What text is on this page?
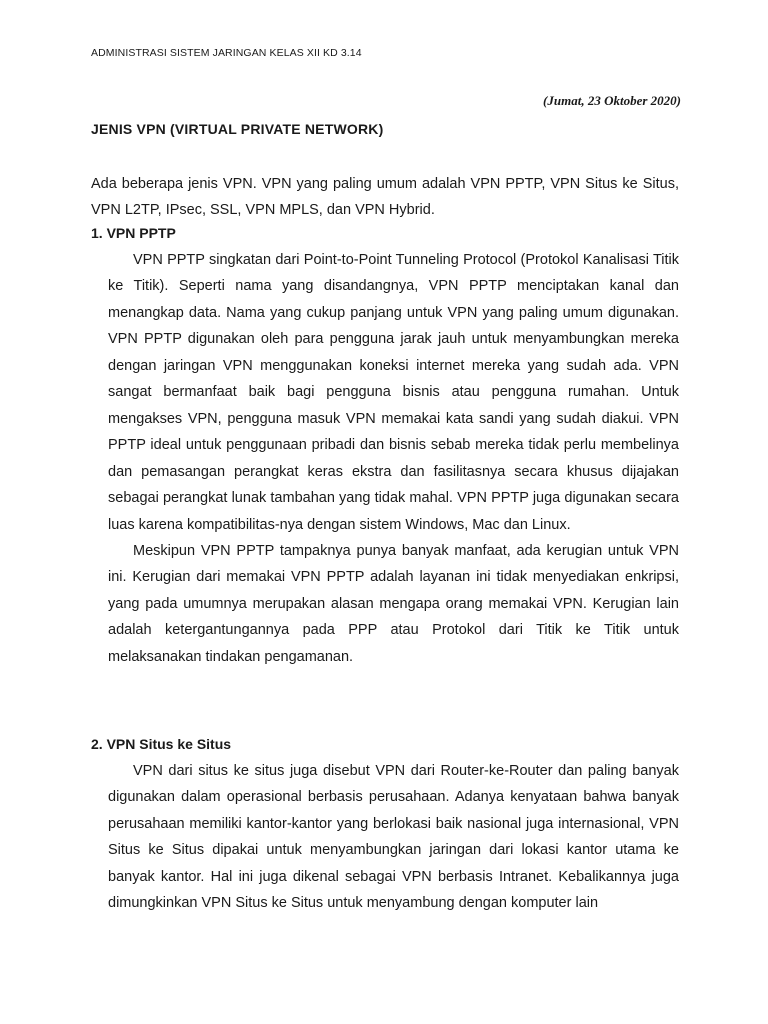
ADMINISTRASI SISTEM JARINGAN KELAS XII KD 3.14
(Jumat, 23 Oktober 2020)
JENIS VPN (VIRTUAL PRIVATE NETWORK)

Ada beberapa jenis VPN. VPN yang paling umum adalah VPN PPTP, VPN Situs ke Situs, VPN L2TP, IPsec, SSL, VPN MPLS, dan VPN Hybrid.

1. VPN PPTP

VPN PPTP singkatan dari Point-to-Point Tunneling Protocol (Protokol Kanalisasi Titik ke Titik). Seperti nama yang disandangnya, VPN PPTP menciptakan kanal dan menangkap data. Nama yang cukup panjang untuk VPN yang paling umum digunakan. VPN PPTP digunakan oleh para pengguna jarak jauh untuk menyambungkan mereka dengan jaringan VPN menggunakan koneksi internet mereka yang sudah ada. VPN sangat bermanfaat baik bagi pengguna bisnis atau pengguna rumahan. Untuk mengakses VPN, pengguna masuk VPN memakai kata sandi yang sudah diakui. VPN PPTP ideal untuk penggunaan pribadi dan bisnis sebab mereka tidak perlu membelinya dan pemasangan perangkat keras ekstra dan fasilitasnya secara khusus dijajakan sebagai perangkat lunak tambahan yang tidak mahal. VPN PPTP juga digunakan secara luas karena kompatibilitas-nya dengan sistem Windows, Mac dan Linux.

Meskipun VPN PPTP tampaknya punya banyak manfaat, ada kerugian untuk VPN ini. Kerugian dari memakai VPN PPTP adalah layanan ini tidak menyediakan enkripsi, yang pada umumnya merupakan alasan mengapa orang memakai VPN. Kerugian lain adalah ketergantungannya pada PPP atau Protokol dari Titik ke Titik untuk melaksanakan tindakan pengamanan.

2. VPN Situs ke Situs

VPN dari situs ke situs juga disebut VPN dari Router-ke-Router dan paling banyak digunakan dalam operasional berbasis perusahaan. Adanya kenyataan bahwa banyak perusahaan memiliki kantor-kantor yang berlokasi baik nasional juga internasional, VPN Situs ke Situs dipakai untuk menyambungkan jaringan dari lokasi kantor utama ke banyak kantor. Hal ini juga dikenal sebagai VPN berbasis Intranet. Kebalikannya juga dimungkinkan VPN Situs ke Situs untuk menyambung dengan komputer lain
